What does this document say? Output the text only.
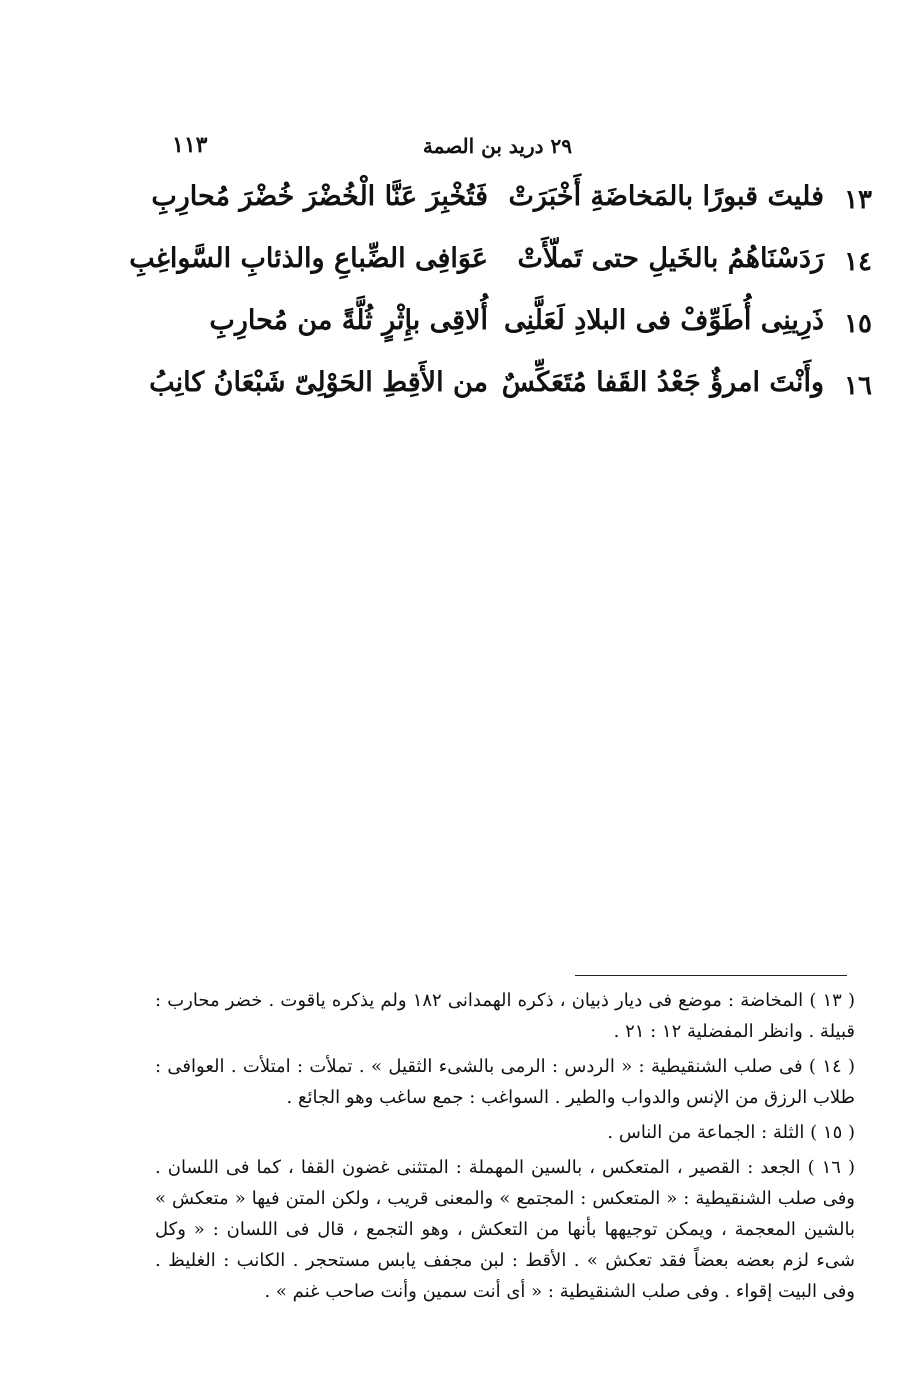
٢٩ دريد بن الصمة
١١٣
١٣
فليتَ قبورًا بالمَخاضَةِ أَخْبَرَتْ
فَتُخْبِرَ عَنَّا الْخُضْرَ خُضْرَ مُحارِبِ
١٤
رَدَسْنَاهُمُ بالخَيلِ حتى تَملّأَتْ
عَوَافِى الضِّباعِ والذئابِ السَّواغِبِ
١٥
ذَرِينِى أُطَوِّفْ فى البلادِ لَعَلَّنِى
أُلاقِى بإِثْرٍ ثُلَّةً من مُحارِبِ
١٦
وأَنْتَ امرؤٌ جَعْدُ القَفا مُتَعَكِّسٌ
من الأَقِطِ الحَوْلِىّ شَبْعَانُ كانِبُ

( ١٣ ) المخاضة : موضع فى ديار ذبيان ، ذكره الهمدانى ١٨٢ ولم يذكره ياقوت . خضر محارب : قبيلة . وانظر المفضلية ١٢ : ٢١ .

( ١٤ ) فى صلب الشنقيطية : « الردس : الرمى بالشىء الثقيل » . تملأت : امتلأت . العوافى : طلاب الرزق من الإنس والدواب والطير . السواغب : جمع ساغب وهو الجائع .

( ١٥ ) الثلة : الجماعة من الناس .

( ١٦ ) الجعد : القصير ، المتعكس ، بالسين المهملة : المتثنى غضون القفا ، كما فى اللسان . وفى صلب الشنقيطية : « المتعكس : المجتمع » والمعنى قريب ، ولكن المتن فيها « متعكش » بالشين المعجمة ، ويمكن توجيهها بأنها من التعكش ، وهو التجمع ، قال فى اللسان : « وكل شىء لزم بعضه بعضاً فقد تعكش » . الأقط : لبن مجفف يابس مستحجر . الكانب : الغليظ . وفى البيت إقواء . وفى صلب الشنقيطية : « أى أنت سمين وأنت صاحب غنم » .
